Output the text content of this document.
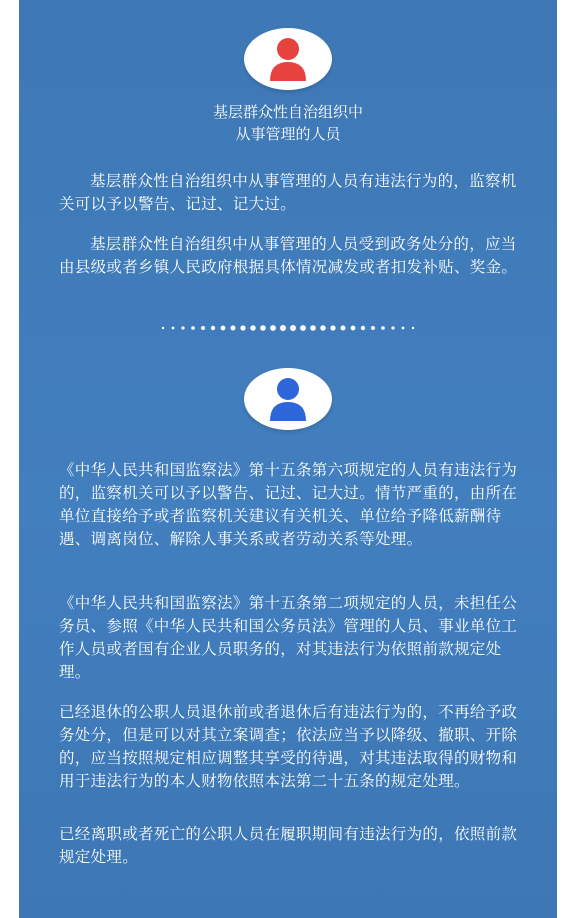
基层群众性自治组织中
从事管理的人员

基层群众性自治组织中从事管理的人员有违法行为的，监察机关可以予以警告、记过、记大过。

基层群众性自治组织中从事管理的人员受到政务处分的，应当由县级或者乡镇人民政府根据具体情况减发或者扣发补贴、奖金。

《中华人民共和国监察法》第十五条第六项规定的人员有违法行为的，监察机关可以予以警告、记过、记大过。情节严重的，由所在单位直接给予或者监察机关建议有关机关、单位给予降低薪酬待遇、调离岗位、解除人事关系或者劳动关系等处理。

《中华人民共和国监察法》第十五条第二项规定的人员，未担任公务员、参照《中华人民共和国公务员法》管理的人员、事业单位工作人员或者国有企业人员职务的，对其违法行为依照前款规定处理。

已经退休的公职人员退休前或者退休后有违法行为的，不再给予政务处分，但是可以对其立案调查；依法应当予以降级、撤职、开除的，应当按照规定相应调整其享受的待遇，对其违法取得的财物和用于违法行为的本人财物依照本法第二十五条的规定处理。

已经离职或者死亡的公职人员在履职期间有违法行为的，依照前款规定处理。
